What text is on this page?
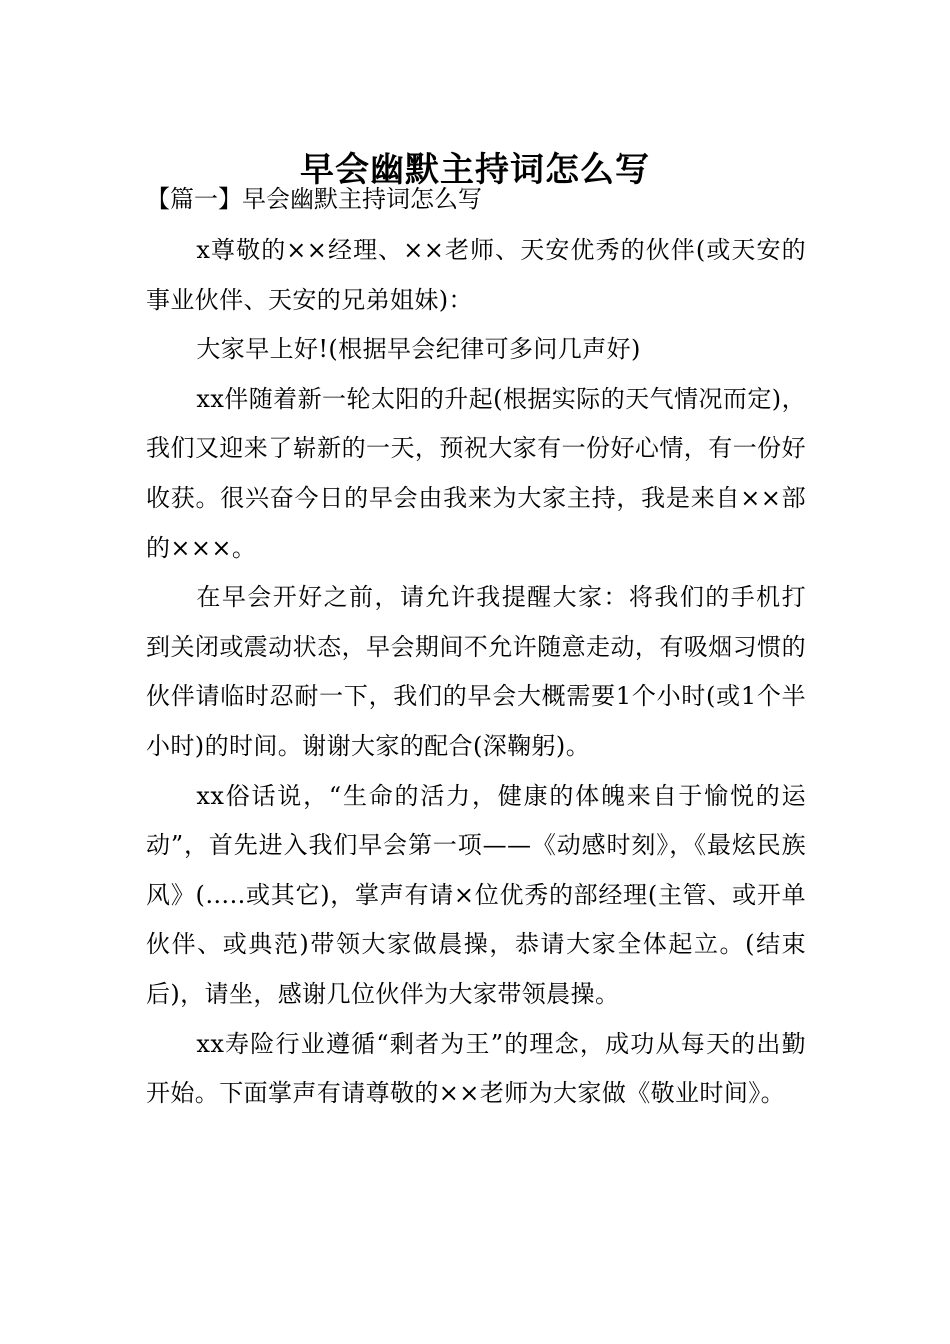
早会幽默主持词怎么写
【篇一】早会幽默主持词怎么写

x尊敬的××经理、××老师、天安优秀的伙伴(或天安的事业伙伴、天安的兄弟姐妹)：

大家早上好!(根据早会纪律可多问几声好)

xx伴随着新一轮太阳的升起(根据实际的天气情况而定)，我们又迎来了崭新的一天，预祝大家有一份好心情，有一份好收获。很兴奋今日的早会由我来为大家主持，我是来自××部的×××。

在早会开好之前，请允许我提醒大家：将我们的手机打到关闭或震动状态，早会期间不允许随意走动，有吸烟习惯的伙伴请临时忍耐一下，我们的早会大概需要1个小时(或1个半小时)的时间。谢谢大家的配合(深鞠躬)。

xx俗话说，“生命的活力，健康的体魄来自于愉悦的运动”，首先进入我们早会第一项——《动感时刻》，《最炫民族风》(…..或其它)，掌声有请×位优秀的部经理(主管、或开单伙伴、或典范)带领大家做晨操，恭请大家全体起立。(结束后)，请坐，感谢几位伙伴为大家带领晨操。

xx寿险行业遵循“剩者为王”的理念，成功从每天的出勤开始。下面掌声有请尊敬的××老师为大家做《敬业时间》。
